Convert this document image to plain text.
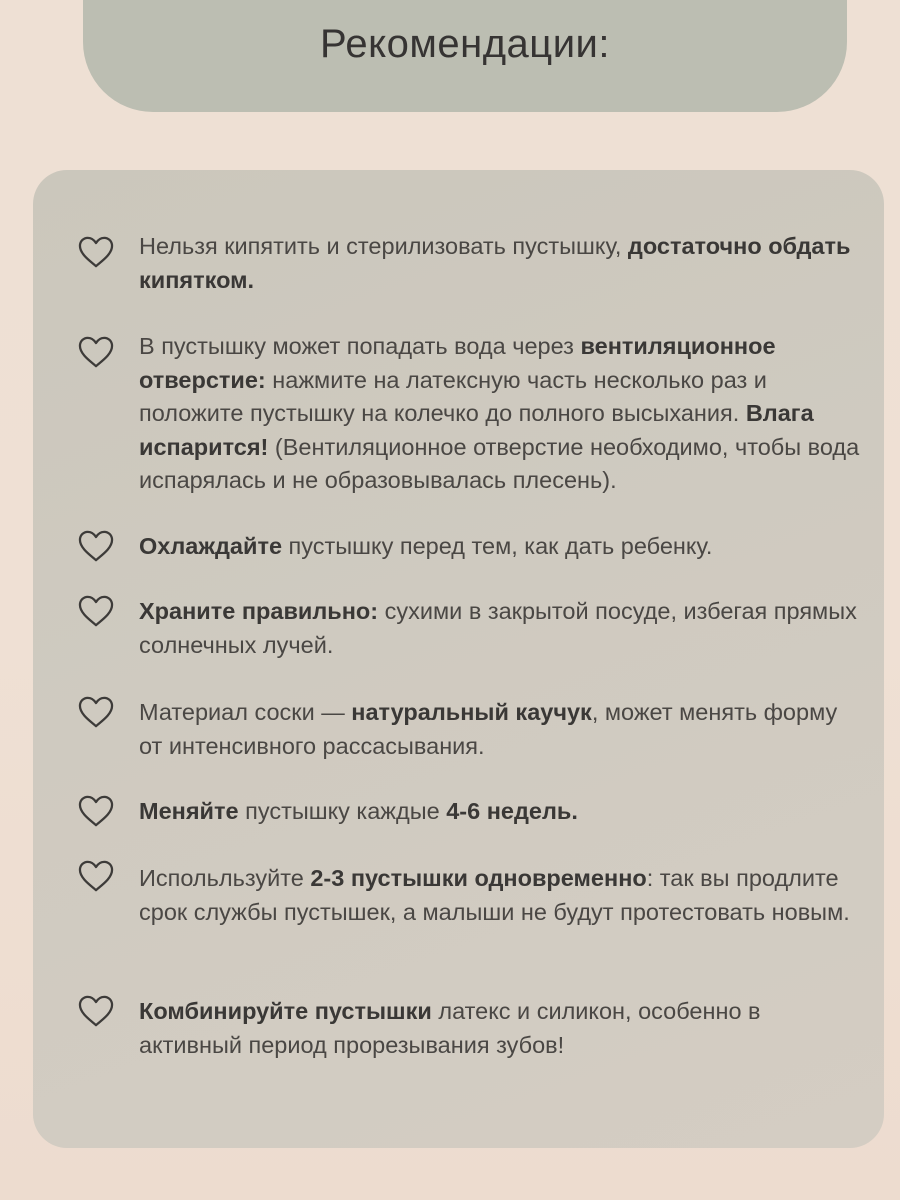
Рекомендации:
Нельзя кипятить и стерилизовать пустышку, достаточно обдать кипятком.
В пустышку может попадать вода через вентиляционное отверстие: нажмите на латексную часть несколько раз и положите пустышку на колечко до полного высыхания. Влага испарится! (Вентиляционное отверстие необходимо, чтобы вода испарялась и не образовывалась плесень).
Охлаждайте пустышку перед тем, как дать ребенку.
Храните правильно: сухими в закрытой посуде, избегая прямых солнечных лучей.
Материал соски — натуральный каучук, может менять форму от интенсивного рассасывания.
Меняйте пустышку каждые 4-6 недель.
Испольльзуйте 2-3 пустышки одновременно: так вы продлите срок службы пустышек, а малыши не будут протестовать новым.
Комбинируйте пустышки латекс и силикон, особенно в активный период прорезывания зубов!
